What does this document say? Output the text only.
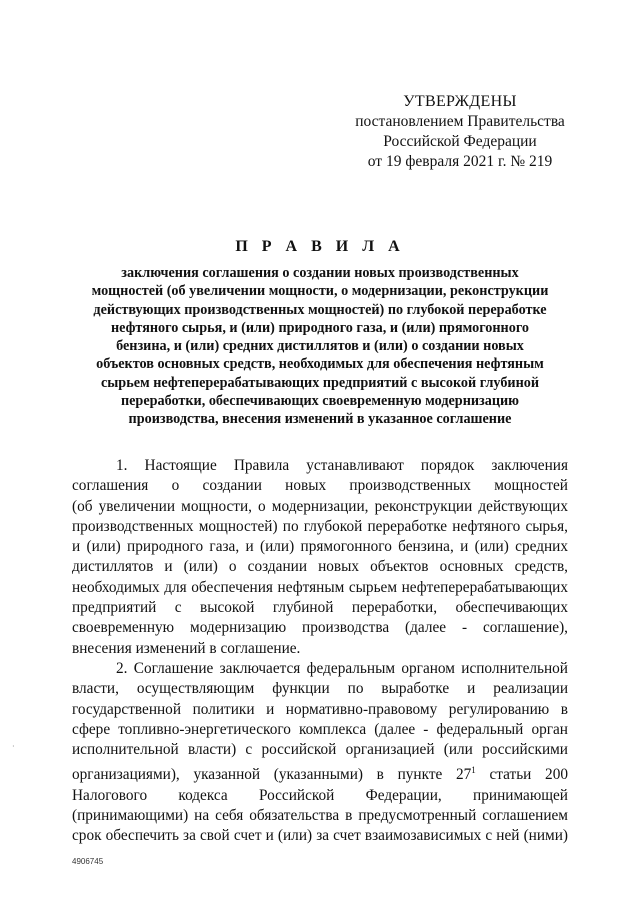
УТВЕРЖДЕНЫ
постановлением Правительства
Российской Федерации
от 19 февраля 2021 г. № 219
П Р А В И Л А
заключения соглашения о создании новых производственных
мощностей (об увеличении мощности, о модернизации, реконструкции
действующих производственных мощностей) по глубокой переработке
нефтяного сырья, и (или) природного газа, и (или) прямогонного
бензина, и (или) средних дистиллятов и (или) о создании новых
объектов основных средств, необходимых для обеспечения нефтяным
сырьем нефтеперерабатывающих предприятий с высокой глубиной
переработки, обеспечивающих своевременную модернизацию
производства, внесения изменений в указанное соглашение
1. Настоящие Правила устанавливают порядок заключения
соглашения о создании новых производственных мощностей
(об увеличении мощности, о модернизации, реконструкции действующих
производственных мощностей) по глубокой переработке нефтяного сырья,
и (или) природного газа, и (или) прямогонного бензина, и (или) средних
дистиллятов и (или) о создании новых объектов основных средств,
необходимых для обеспечения нефтяным сырьем нефтеперерабатывающих
предприятий с высокой глубиной переработки, обеспечивающих
своевременную модернизацию производства (далее - соглашение),
внесения изменений в соглашение.
2. Соглашение заключается федеральным органом исполнительной
власти, осуществляющим функции по выработке и реализации
государственной политики и нормативно-правовому регулированию в
сфере топливно-энергетического комплекса (далее - федеральный орган
исполнительной власти) с российской организацией (или российскими
организациями), указанной (указанными) в пункте $27^1$ статьи 200
Налогового кодекса Российской Федерации, принимающей
(принимающими) на себя обязательства в предусмотренный соглашением
срок обеспечить за свой счет и (или) за счет взаимозависимых с ней (ними)
·
4906745
